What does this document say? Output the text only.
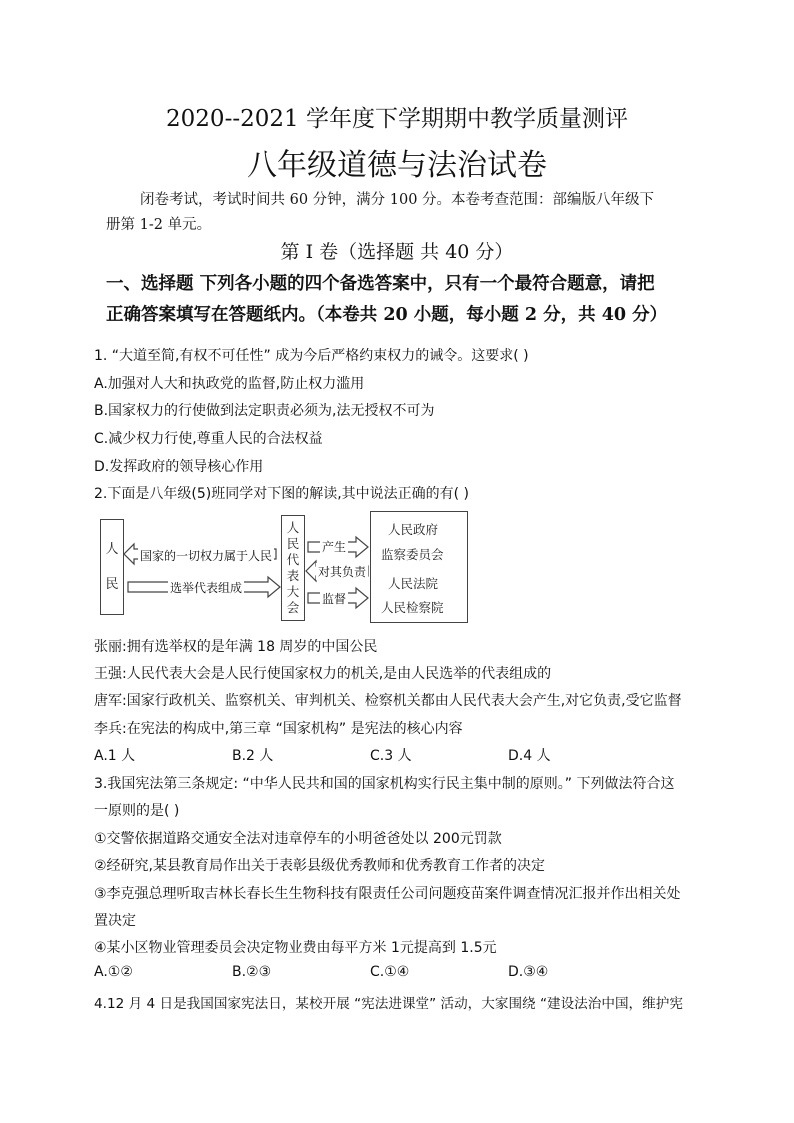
2020--2021 学年度下学期期中教学质量测评
八年级道德与法治试卷
闭卷考试，考试时间共 60 分钟，满分 100 分。本卷考查范围：部编版八年级下
册第 1-2 单元。
第 I 卷（选择题 共 40 分）
一、选择题 下列各小题的四个备选答案中，只有一个最符合题意，请把
正确答案填写在答题纸内。（本卷共 20 小题，每小题 2 分，共 40 分）
1. “大道至简,有权不可任性” 成为今后严格约束权力的诫令。这要求( )
A.加强对人大和执政党的监督,防止权力滥用
B.国家权力的行使做到法定职责必须为,法无授权不可为
C.减少权力行使,尊重人民的合法权益
D.发挥政府的领导核心作用
2.下面是八年级(5)班同学对下图的解读,其中说法正确的有( )
人
民
国家的一切权力属于人民
选举代表组成
人
民
代
表
大
会
产生
对其负责
监督
人民政府
监察委员会
人民法院
人民检察院
张丽:拥有选举权的是年满 18 周岁的中国公民
王强:人民代表大会是人民行使国家权力的机关,是由人民选举的代表组成的
唐军:国家行政机关、监察机关、审判机关、检察机关都由人民代表大会产生,对它负责,受它监督
李兵:在宪法的构成中,第三章 “国家机构” 是宪法的核心内容
A.1 人	B.2 人	C.3 人	D.4 人
3.我国宪法第三条规定: “中华人民共和国的国家机构实行民主集中制的原则。” 下列做法符合这
一原则的是( )
①交警依据道路交通安全法对违章停车的小明爸爸处以 200元罚款
②经研究,某县教育局作出关于表彰县级优秀教师和优秀教育工作者的决定
③李克强总理听取吉林长春长生生物科技有限责任公司问题疫苗案件调查情况汇报并作出相关处
置决定
④某小区物业管理委员会决定物业费由每平方米 1元提高到 1.5元
A.①②	B.②③	C.①④	D.③④
4.12 月 4 日是我国国家宪法日，某校开展 “宪法进课堂” 活动，大家围绕 “建设法治中国，维护宪
